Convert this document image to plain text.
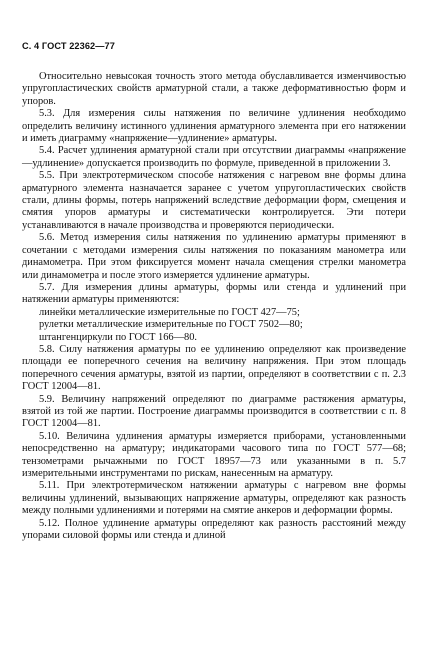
С. 4 ГОСТ 22362—77

Относительно невысокая точность этого метода обуславливается изменчивостью упругопластических свойств арматурной стали, а также деформативностью форм и упоров.

5.3. Для измерения силы натяжения по величине удлинения необходимо определить величину истинного удлинения арматурного элемента при его натяжении и иметь диаграмму «напряжение—удлинение» арматуры.

5.4. Расчет удлинения арматурной стали при отсутствии диаграммы «напряжение—удлинение» допускается производить по формуле, приведенной в приложении 3.

5.5. При электротермическом способе натяжения с нагревом вне формы длина арматурного элемента назначается заранее с учетом упругопластических свойств стали, длины формы, потерь напряжений вследствие деформации форм, смещения и смятия упоров арматуры и систематически контролируется. Эти потери устанавливаются в начале производства и проверяются периодически.

5.6. Метод измерения силы натяжения по удлинению арматуры применяют в сочетании с методами измерения силы натяжения по показаниям манометра или динамометра. При этом фиксируется момент начала смещения стрелки манометра или динамометра и после этого измеряется удлинение арматуры.

5.7. Для измерения длины арматуры, формы или стенда и удлинений при натяжении арматуры применяются:

линейки металлические измерительные по ГОСТ 427—75;
рулетки металлические измерительные по ГОСТ 7502—80;
штангенциркули по ГОСТ 166—80.

5.8. Силу натяжения арматуры по ее удлинению определяют как произведение площади ее поперечного сечения на величину напряжения. При этом площадь поперечного сечения арматуры, взятой из партии, определяют в соответствии с п. 2.3 ГОСТ 12004—81.

5.9. Величину напряжений определяют по диаграмме растяжения арматуры, взятой из той же партии. Построение диаграммы производится в соответствии с п. 8 ГОСТ 12004—81.

5.10. Величина удлинения арматуры измеряется приборами, установленными непосредственно на арматуру; индикаторами часового типа по ГОСТ 577—68; тензометрами рычажными по ГОСТ 18957—73 или указанными в п. 5.7 измерительными инструментами по рискам, нанесенным на арматуру.

5.11. При электротермическом натяжении арматуры с нагревом вне формы величины удлинений, вызывающих напряжение арматуры, определяют как разность между полными удлинениями и потерями на смятие анкеров и деформации формы.

5.12. Полное удлинение арматуры определяют как разность расстояний между упорами силовой формы или стенда и длиной
